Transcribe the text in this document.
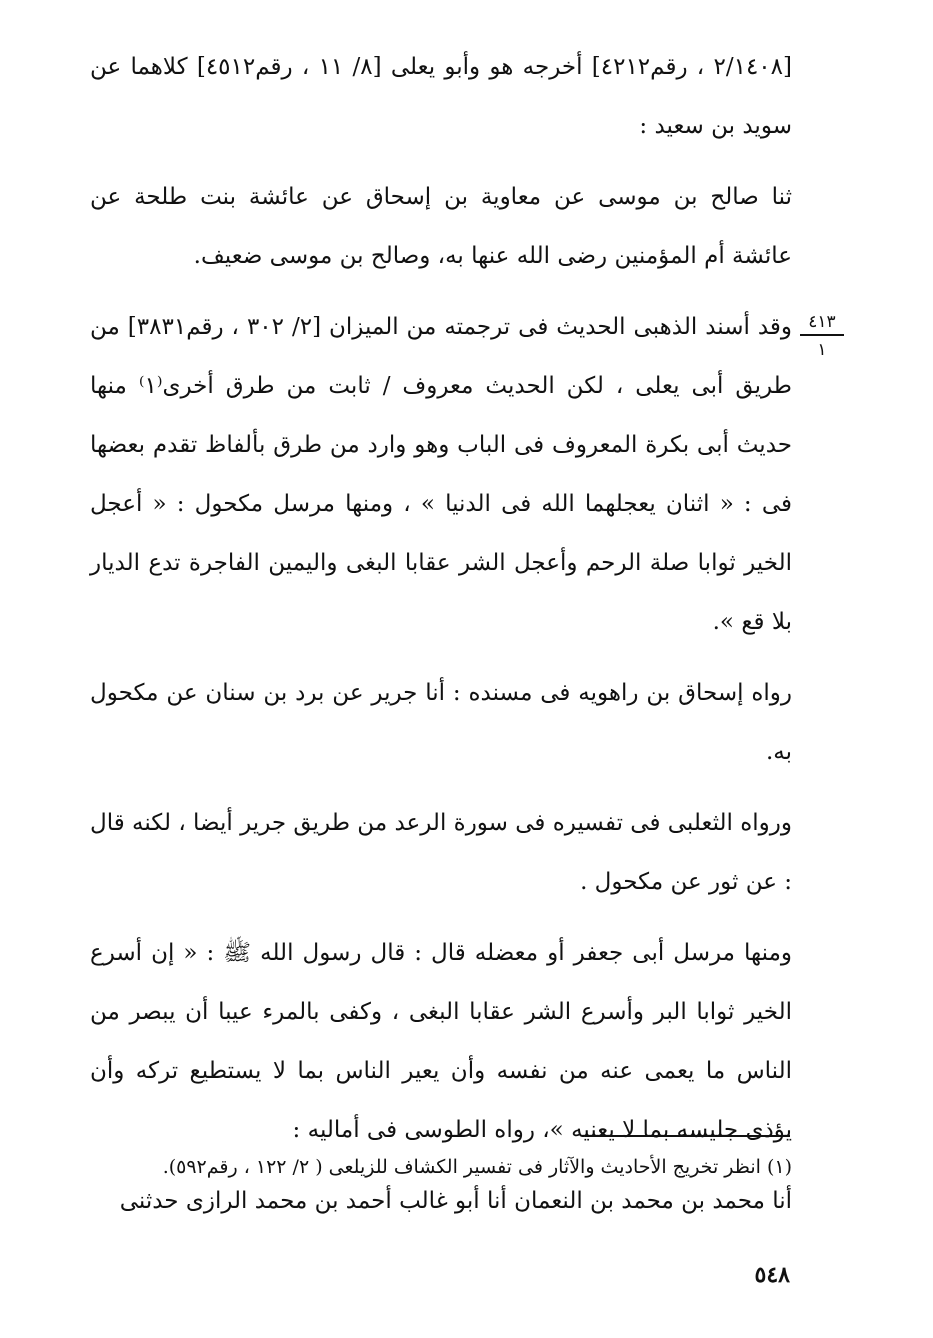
[٢/١٤٠٨ ، رقم٤٢١٢] أخرجه هو وأبو يعلى [٨/ ١١ ، رقم٤٥١٢] كلاهما عن سويد بن سعيد :

ثنا صالح بن موسى عن معاوية بن إسحاق عن عائشة بنت طلحة عن عائشة أم المؤمنين رضى الله عنها به، وصالح بن موسى ضعيف.

وقد أسند الذهبى الحديث فى ترجمته من الميزان [٢/ ٣٠٢ ، رقم٣٨٣١] من طريق أبى يعلى ، لكن الحديث معروف / ثابت من طرق أخرى⁽١⁾ منها حديث أبى بكرة المعروف فى الباب وهو وارد من طرق بألفاظ تقدم بعضها فى : « اثنان يعجلهما الله فى الدنيا » ، ومنها مرسل مكحول : « أعجل الخير ثوابا صلة الرحم وأعجل الشر عقابا البغى واليمين الفاجرة تدع الديار بلا قع ».

رواه إسحاق بن راهويه فى مسنده : أنا جرير عن برد بن سنان عن مكحول به.

ورواه الثعلبى فى تفسيره فى سورة الرعد من طريق جرير أيضا ، لكنه قال : عن ثور عن مكحول .

ومنها مرسل أبى جعفر أو معضله قال : قال رسول الله ﷺ : « إن أسرع الخير ثوابا البر وأسرع الشر عقابا البغى ، وكفى بالمرء عيبا أن يبصر من الناس ما يعمى عنه من نفسه وأن يعير الناس بما لا يستطيع تركه وأن يؤذى جليسه بما لا يعنيه »، رواه الطوسى فى أماليه :

أنا محمد بن محمد بن النعمان أنا أبو غالب أحمد بن محمد الرازى حدثنى

٤١٣
١
(١) انظر تخريج الأحاديث والآثار فى تفسير الكشاف للزيلعى ( ٢/ ١٢٢ ، رقم٥٩٢).
٥٤٨
